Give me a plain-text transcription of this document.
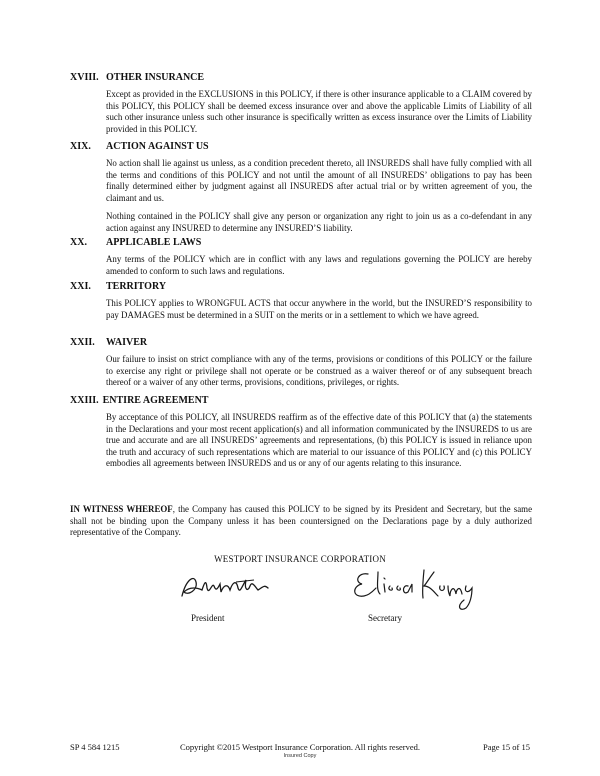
XVIII. OTHER INSURANCE
Except as provided in the EXCLUSIONS in this POLICY, if there is other insurance applicable to a CLAIM covered by this POLICY, this POLICY shall be deemed excess insurance over and above the applicable Limits of Liability of all such other insurance unless such other insurance is specifically written as excess insurance over the Limits of Liability provided in this POLICY.
XIX. ACTION AGAINST US
No action shall lie against us unless, as a condition precedent thereto, all INSUREDS shall have fully complied with all the terms and conditions of this POLICY and not until the amount of all INSUREDS’ obligations to pay has been finally determined either by judgment against all INSUREDS after actual trial or by written agreement of you, the claimant and us.
Nothing contained in the POLICY shall give any person or organization any right to join us as a co-defendant in any action against any INSURED to determine any INSURED’S liability.
XX. APPLICABLE LAWS
Any terms of the POLICY which are in conflict with any laws and regulations governing the POLICY are hereby amended to conform to such laws and regulations.
XXI. TERRITORY
This POLICY applies to WRONGFUL ACTS that occur anywhere in the world, but the INSURED’S responsibility to pay DAMAGES must be determined in a SUIT on the merits or in a settlement to which we have agreed.
XXII. WAIVER
Our failure to insist on strict compliance with any of the terms, provisions or conditions of this POLICY or the failure to exercise any right or privilege shall not operate or be construed as a waiver thereof or of any subsequent breach thereof or a waiver of any other terms, provisions, conditions, privileges, or rights.
XXIII. ENTIRE AGREEMENT
By acceptance of this POLICY, all INSUREDS reaffirm as of the effective date of this POLICY that (a) the statements in the Declarations and your most recent application(s) and all information communicated by the INSUREDS to us are true and accurate and are all INSUREDS’ agreements and representations, (b) this POLICY is issued in reliance upon the truth and accuracy of such representations which are material to our issuance of this POLICY and (c) this POLICY embodies all agreements between INSUREDS and us or any of our agents relating to this insurance.
IN WITNESS WHEREOF, the Company has caused this POLICY to be signed by its President and Secretary, but the same shall not be binding upon the Company unless it has been countersigned on the Declarations page by a duly authorized representative of the Company.
WESTPORT INSURANCE CORPORATION
President	Secretary
SP 4 584 1215	Copyright ©2015 Westport Insurance Corporation. All rights reserved.	Page 15 of 15
Insured Copy
